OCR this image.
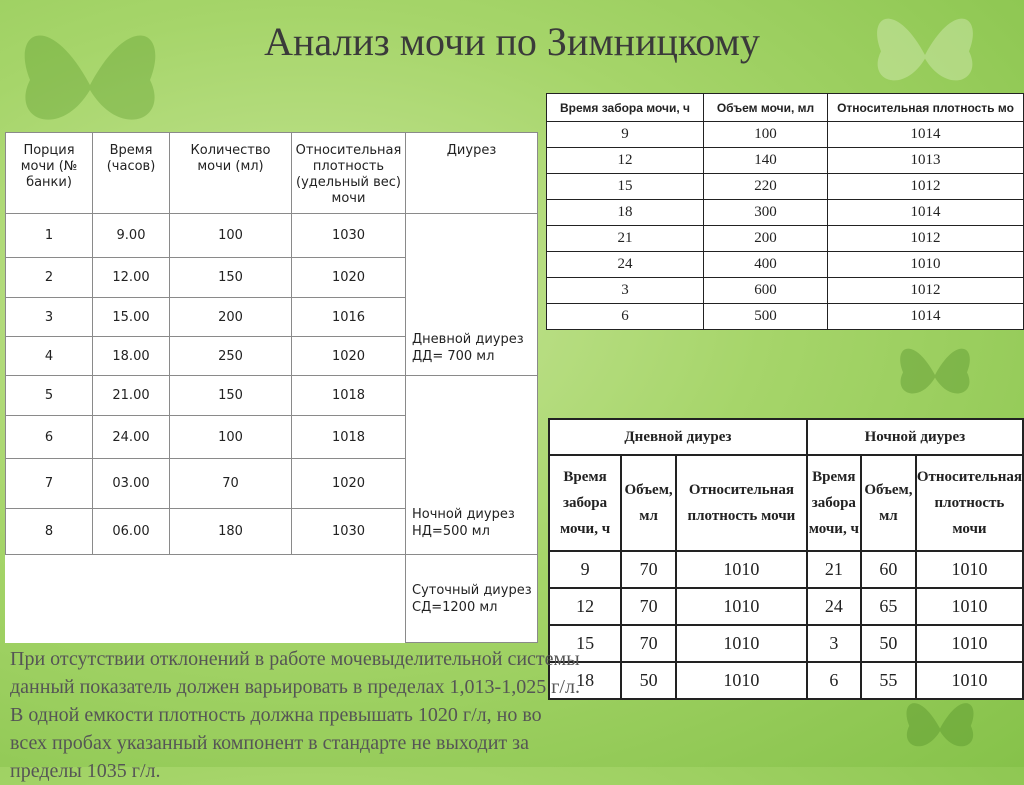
Анализ мочи по Зимницкому
Порция мочи (№ банки)	Время (часов)	Количество мочи (мл)	Относительная плотность (удельный вес) мочи	Диурез
1	9.00	100	1030	Дневной диурез ДД= 700 мл
2	12.00	150	1020	
3	15.00	200	1016	
4	18.00	250	1020	
5	21.00	150	1018	Ночной диурез НД=500 мл
6	24.00	100	1018	
7	03.00	70	1020	
8	06.00	180	1030	
				Суточный диурез СД=1200 мл
Время забора мочи, ч	Объем мочи, мл	Относительная плотность мо
9	100	1014
12	140	1013
15	220	1012
18	300	1014
21	200	1012
24	400	1010
3	600	1012
6	500	1014
Дневной диурез			Ночной диурез		
Время забора мочи, ч	Объем, мл	Относительная плотность мочи	Время забора мочи, ч	Объем, мл	Относительная плотность мочи
9	70	1010	21	60	1010
12	70	1010	24	65	1010
15	70	1010	3	50	1010
18	50	1010	6	55	1010
При отсутствии отклонений в работе мочевыделительной системы данный показатель должен варьировать в пределах 1,013-1,025 г/л. В одной емкости плотность должна превышать 1020 г/л, но во всех пробах указанный компонент в стандарте не выходит за пределы 1035 г/л.
